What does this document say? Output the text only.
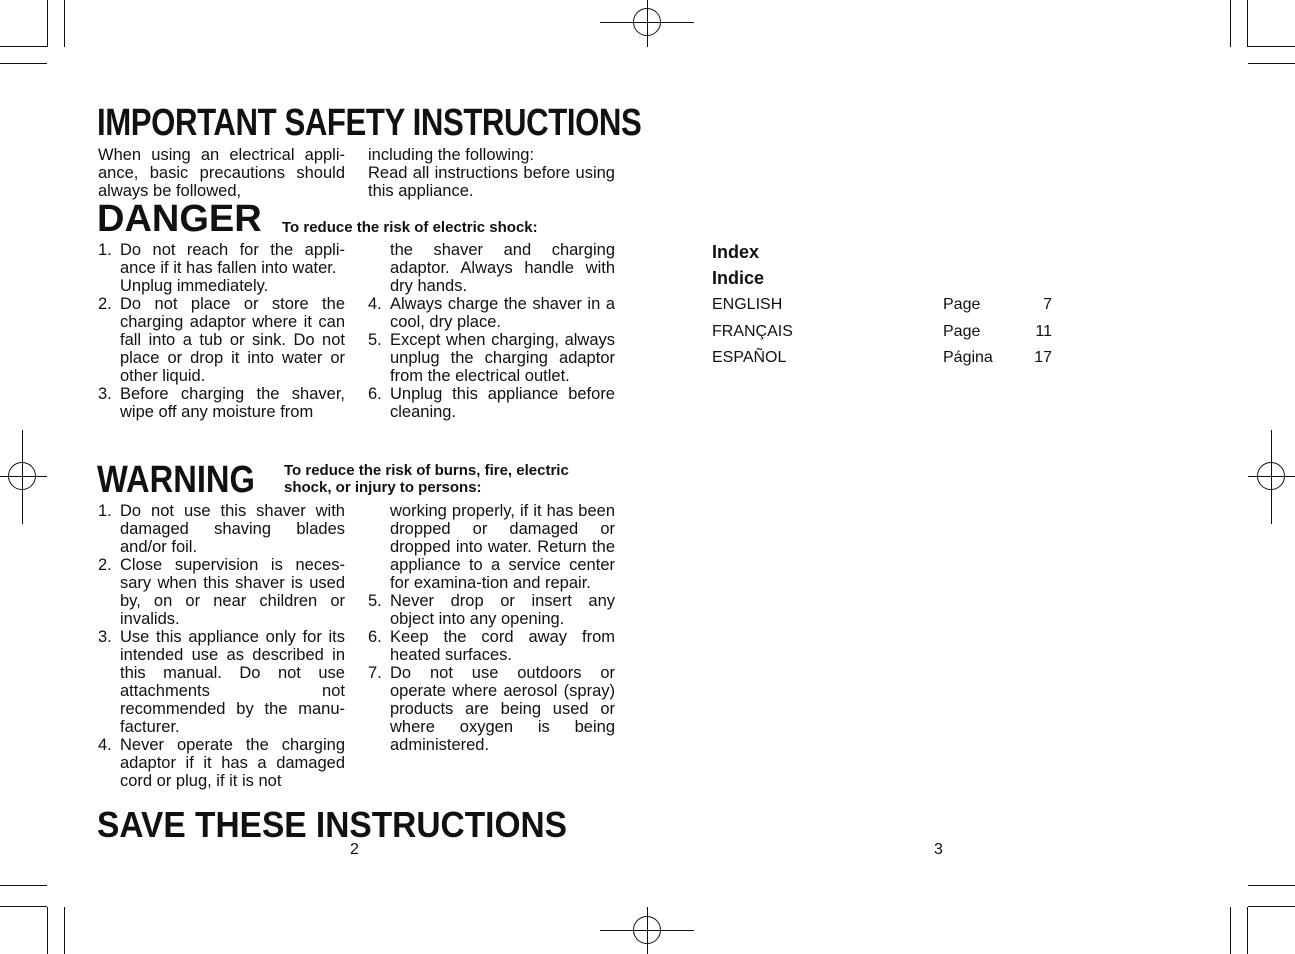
IMPORTANT SAFETY INSTRUCTIONS
When using an electrical appli-ance, basic precautions should always be followed,
including the following:
Read all instructions before using this appliance.
DANGER To reduce the risk of electric shock:
1. Do not reach for the appli-ance if it has fallen into water.
Unplug immediately.
2. Do not place or store the charging adaptor where it can fall into a tub or sink. Do not place or drop it into water or other liquid.
3. Before charging the shaver, wipe off any moisture from
the shaver and charging adaptor. Always handle with dry hands.
4. Always charge the shaver in a cool, dry place.
5. Except when charging, always unplug the charging adaptor from the electrical outlet.
6. Unplug this appliance before cleaning.
WARNING To reduce the risk of burns, fire, electric shock, or injury to persons:
1. Do not use this shaver with damaged shaving blades and/or foil.
2. Close supervision is neces-sary when this shaver is used by, on or near children or invalids.
3. Use this appliance only for its intended use as described in this manual. Do not use attachments not recommended by the manu-facturer.
4. Never operate the charging adaptor if it has a damaged cord or plug, if it is not
working properly, if it has been dropped or damaged or dropped into water. Return the appliance to a service center for examina-tion and repair.
5. Never drop or insert any object into any opening.
6. Keep the cord away from heated surfaces.
7. Do not use outdoors or operate where aerosol (spray) products are being used or where oxygen is being administered.
SAVE THESE INSTRUCTIONS
2
Index
Indice
ENGLISH	Page	7
FRANÇAIS	Page	11
ESPAÑOL	Página	17
3
